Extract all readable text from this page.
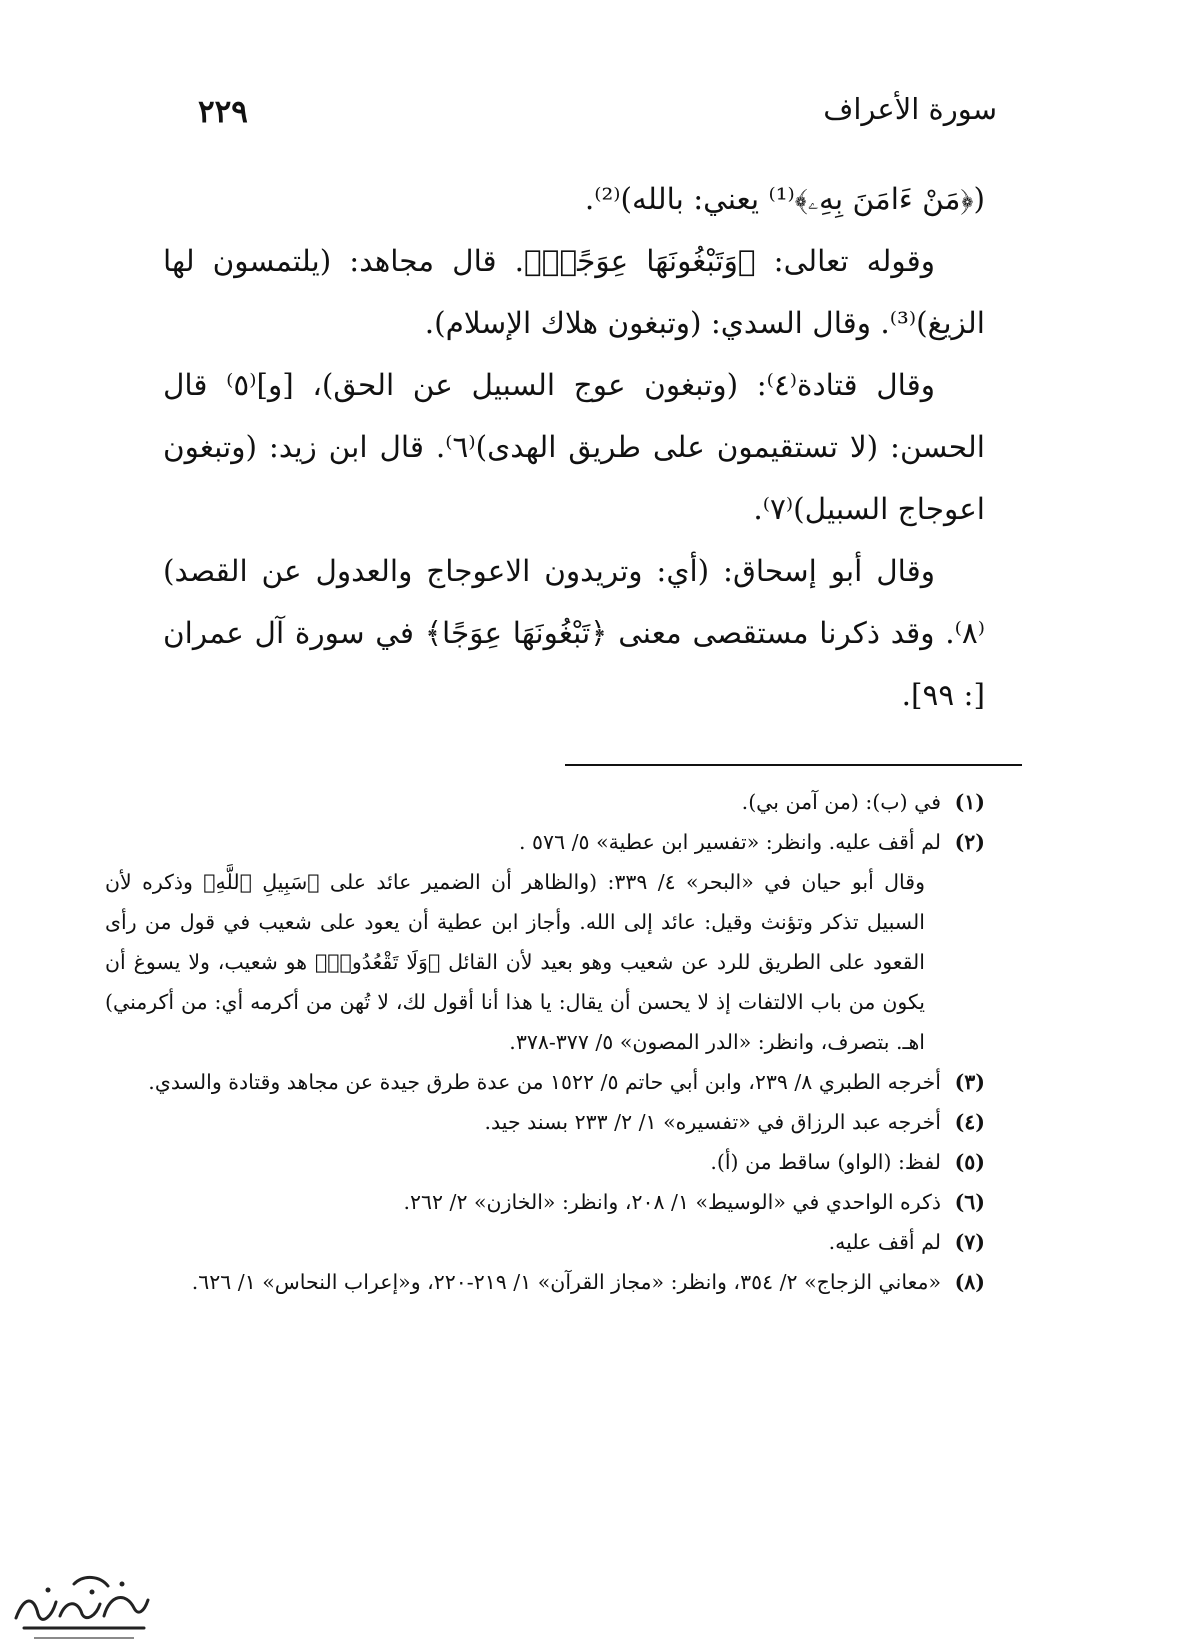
سورة الأعراف
٢٢٩

(﴿مَنْ ءَامَنَ بِهِۦ﴾⁽¹⁾ يعني: بالله)⁽²⁾.

وقوله تعالى: ﴿وَتَبْغُونَهَا عِوَجًاۚ﴾. قال مجاهد: (يلتمسون لها الزيغ)⁽³⁾. وقال السدي: (وتبغون هلاك الإسلام).

وقال قتادة⁽٤⁾: (وتبغون عوج السبيل عن الحق)، [و]⁽٥⁾ قال الحسن: (لا تستقيمون على طريق الهدى)⁽٦⁾. قال ابن زيد: (وتبغون اعوجاج السبيل)⁽٧⁾.

وقال أبو إسحاق: (أي: وتريدون الاعوجاج والعدول عن القصد)⁽٨⁾. وقد ذكرنا مستقصى معنى ﴿تَبْغُونَهَا عِوَجًا﴾ في سورة آل عمران [: ٩٩].

(١)

في (ب): (من آمن بي).

(٢)

لم أقف عليه. وانظر: «تفسير ابن عطية» ٥/ ٥٧٦ .

وقال أبو حيان في «البحر» ٤/ ٣٣٩: (والظاهر أن الضمير عائد على ﴿سَبِيلِ ٱللَّهِ﴾ وذكره لأن السبيل تذكر وتؤنث وقيل: عائد إلى الله. وأجاز ابن عطية أن يعود على شعيب في قول من رأى القعود على الطريق للرد عن شعيب وهو بعيد لأن القائل ﴿وَلَا تَقْعُدُوا۟﴾ هو شعيب، ولا يسوغ أن يكون من باب الالتفات إذ لا يحسن أن يقال: يا هذا أنا أقول لك، لا تُهن من أكرمه أي: من أكرمني) اهـ. بتصرف، وانظر: «الدر المصون» ٥/ ٣٧٧-٣٧٨.

(٣)

أخرجه الطبري ٨/ ٢٣٩، وابن أبي حاتم ٥/ ١٥٢٢ من عدة طرق جيدة عن مجاهد وقتادة والسدي.

(٤)

أخرجه عبد الرزاق في «تفسيره» ١/ ٢/ ٢٣٣ بسند جيد.

(٥)

لفظ: (الواو) ساقط من (أ).

(٦)

ذكره الواحدي في «الوسيط» ١/ ٢٠٨، وانظر: «الخازن» ٢/ ٢٦٢.

(٧)

لم أقف عليه.

(٨)

«معاني الزجاج» ٢/ ٣٥٤، وانظر: «مجاز القرآن» ١/ ٢١٩-٢٢٠، و«إعراب النحاس» ١/ ٦٢٦.
